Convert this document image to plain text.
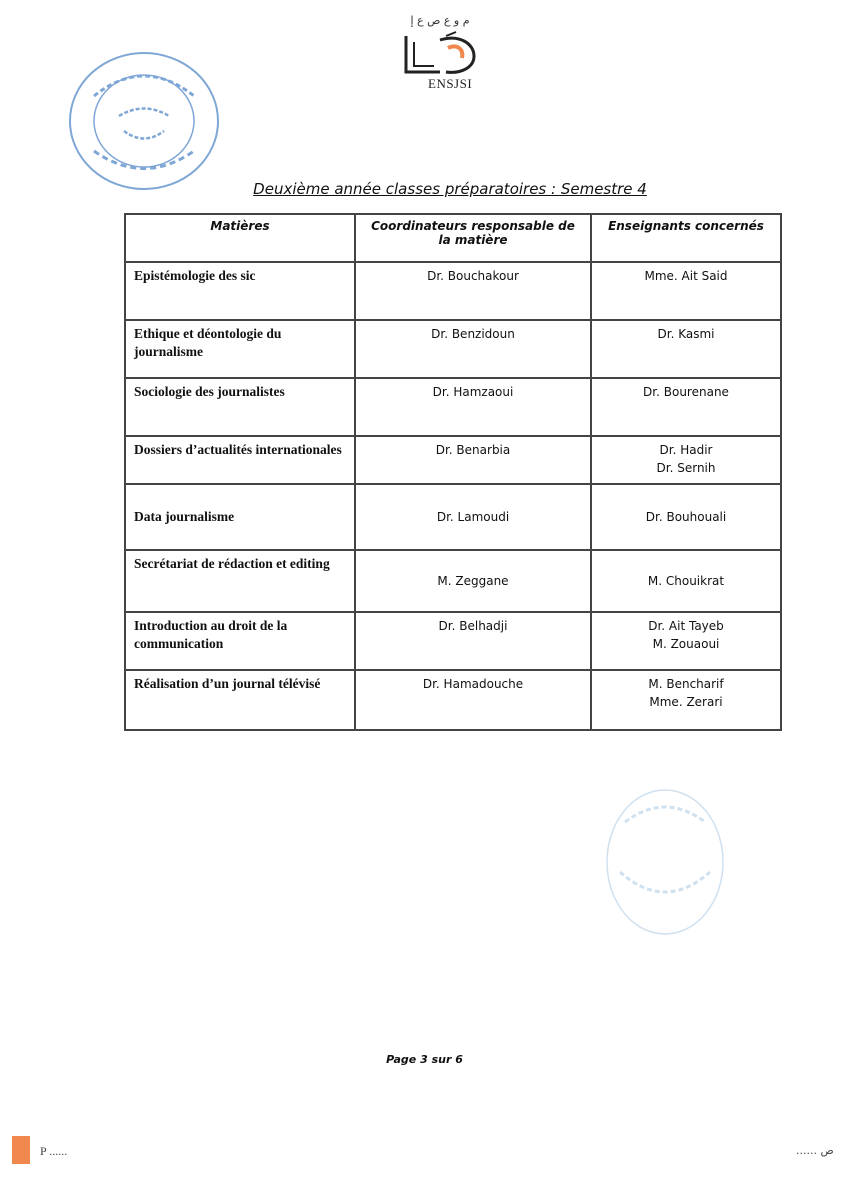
م و ع ص ع إ
ENSJSI
Deuxième année classes préparatoires : Semestre 4
Matières	Coordinateurs responsable de la matière	Enseignants concernés
Epistémologie des sic	Dr. Bouchakour	Mme. Ait Said

Ethique et déontologie du journalisme	Dr. Benzidoun	Dr. Kasmi

Sociologie des journalistes	Dr. Hamzaoui	Dr. Bourenane

Dossiers d’actualités internationales	Dr. Benarbia	Dr. Hadir
Dr. Sernih

Data journalisme	Dr. Lamoudi	Dr. Bouhouali

Secrétariat de rédaction et editing	M. Zeggane	M. Chouikrat

Introduction au droit de la communication	Dr. Belhadji	Dr. Ait Tayeb
M. Zouaoui

Réalisation d’un journal télévisé	Dr. Hamadouche	M. Bencharif
Mme. Zerari
Page 3 sur 6
P ......	...... ص
